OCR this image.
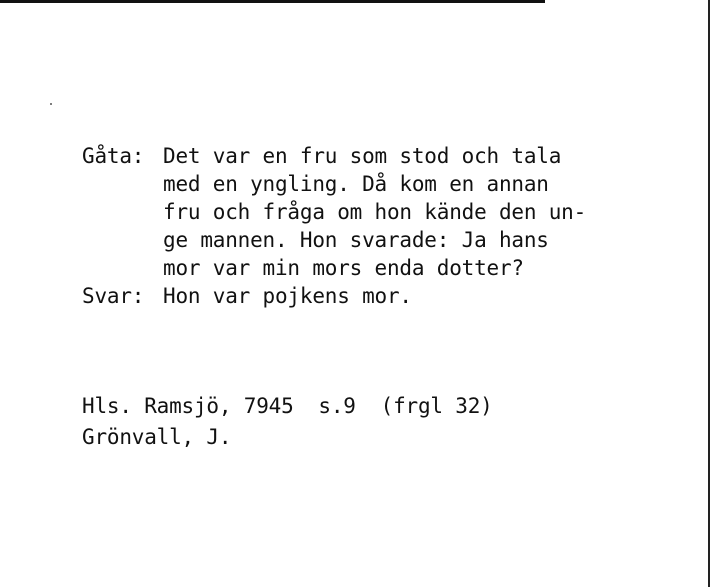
Gåta: Det var en fru som stod och tala
med en yngling. Då kom en annan
fru och fråga om hon kände den un-
ge mannen. Hon svarade: Ja hans
mor var min mors enda dotter?
Svar: Hon var pojkens mor.
Hls. Ramsjö, 7945  s.9  (frgl 32)
Grönvall, J.
